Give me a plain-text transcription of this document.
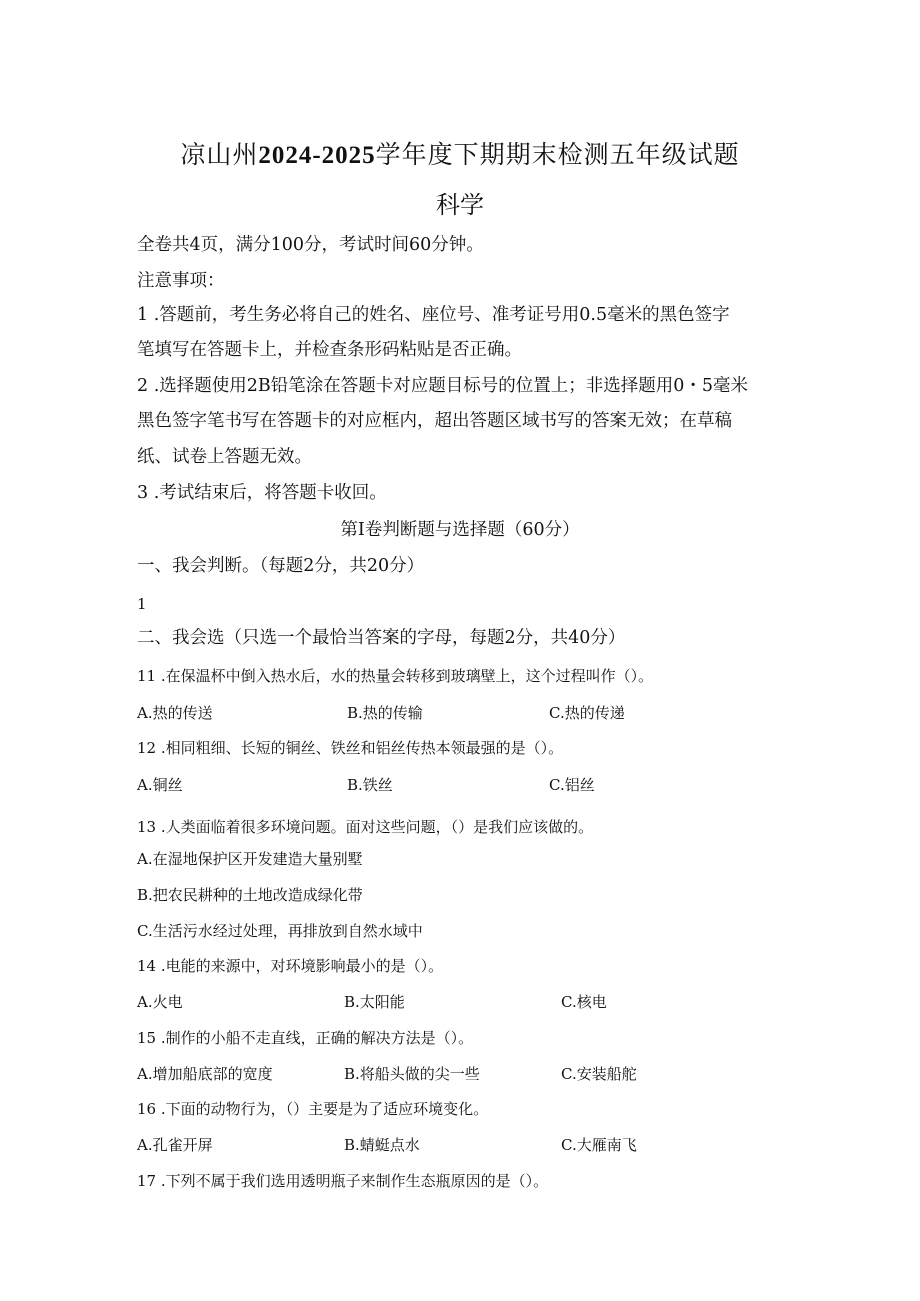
凉山州2024-2025学年度下期期末检测五年级试题
科学
全卷共4页，满分100分，考试时间60分钟。
注意事项：
1 .答题前，考生务必将自己的姓名、座位号、准考证号用0.5毫米的黑色签字
笔填写在答题卡上，并检查条形码粘贴是否正确。
2 .选择题使用2B铅笔涂在答题卡对应题目标号的位置上；非选择题用0・5毫米
黑色签字笔书写在答题卡的对应框内，超出答题区域书写的答案无效；在草稿
纸、试卷上答题无效。
3 .考试结束后，将答题卡收回。
第I卷判断题与选择题（60分）
一、我会判断。（每题2分，共20分）
1
二、我会选（只选一个最恰当答案的字母，每题2分，共40分）
11 .在保温杯中倒入热水后，水的热量会转移到玻璃壁上，这个过程叫作（）。
A.热的传送	B.热的传输	C.热的传递
12 .相同粗细、长短的铜丝、铁丝和铝丝传热本领最强的是（）。
A.铜丝	B.铁丝	C.铝丝
13 .人类面临着很多环境问题。面对这些问题，（）是我们应该做的。
A.在湿地保护区开发建造大量别墅
B.把农民耕种的土地改造成绿化带
C.生活污水经过处理，再排放到自然水域中
14 .电能的来源中，对环境影响最小的是（）。
A.火电	B.太阳能	C.核电
15 .制作的小船不走直线，正确的解决方法是（）。
A.增加船底部的宽度	B.将船头做的尖一些	C.安装船舵
16 .下面的动物行为，（）主要是为了适应环境变化。
A.孔雀开屏	B.蜻蜓点水	C.大雁南飞
17 .下列不属于我们选用透明瓶子来制作生态瓶原因的是（）。
